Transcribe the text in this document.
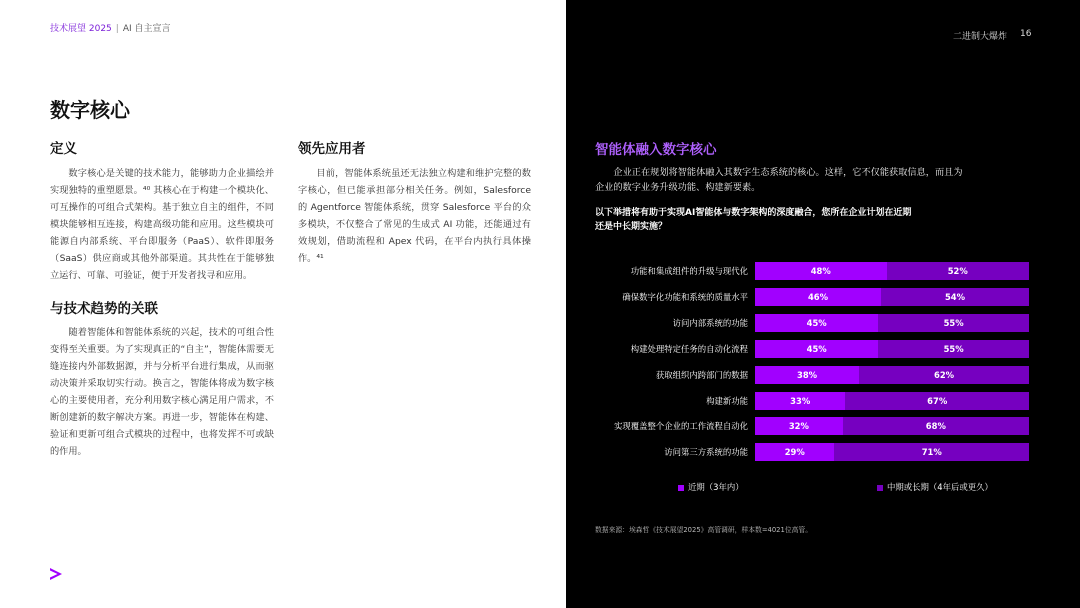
技术展望 2025 | AI 自主宣言
数字核心
定义

数字核心是关键的技术能力，能够助力企业描绘并实现独特的重塑愿景。⁴⁰ 其核心在于构建一个模块化、可互操作的可组合式架构。基于独立自主的组件，不同模块能够相互连接，构建高级功能和应用。这些模块可能源自内部系统、平台即服务（PaaS）、软件即服务（SaaS）供应商或其他外部渠道。其共性在于能够独立运行、可靠、可验证，便于开发者找寻和应用。

与技术趋势的关联

随着智能体和智能体系统的兴起，技术的可组合性变得至关重要。为了实现真正的“自主”，智能体需要无缝连接内外部数据源，并与分析平台进行集成，从而驱动决策并采取切实行动。换言之，智能体将成为数字核心的主要使用者，充分利用数字核心满足用户需求，不断创建新的数字解决方案。再进一步，智能体在构建、验证和更新可组合式模块的过程中，也将发挥不可或缺的作用。

领先应用者

目前，智能体系统虽还无法独立构建和维护完整的数字核心，但已能承担部分相关任务。例如，Salesforce 的 Agentforce 智能体系统，贯穿 Salesforce 平台的众多模块，不仅整合了常见的生成式 AI 功能，还能通过有效规划，借助流程和 Apex 代码，在平台内执行具体操作。⁴¹

二进制大爆炸 16
智能体融入数字核心

企业正在规划将智能体融入其数字生态系统的核心。这样，它不仅能获取信息，而且为企业的数字业务升级功能、构建新要素。

以下举措将有助于实现AI智能体与数字架构的深度融合，您所在企业计划在近期还是中长期实施？

功能和集成组件的升级与现代化	48%	52%
确保数字化功能和系统的质量水平	46%	54%
访问内部系统的功能	45%	55%
构建处理特定任务的自动化流程	45%	55%
获取组织内跨部门的数据	38%	62%
构建新功能	33%	67%
实现覆盖整个企业的工作流程自动化	32%	68%
访问第三方系统的功能	29%	71%
近期（3年内）	中期或长期（4年后或更久）
数据来源：埃森哲《技术展望2025》高管调研，样本数=4021位高管。
